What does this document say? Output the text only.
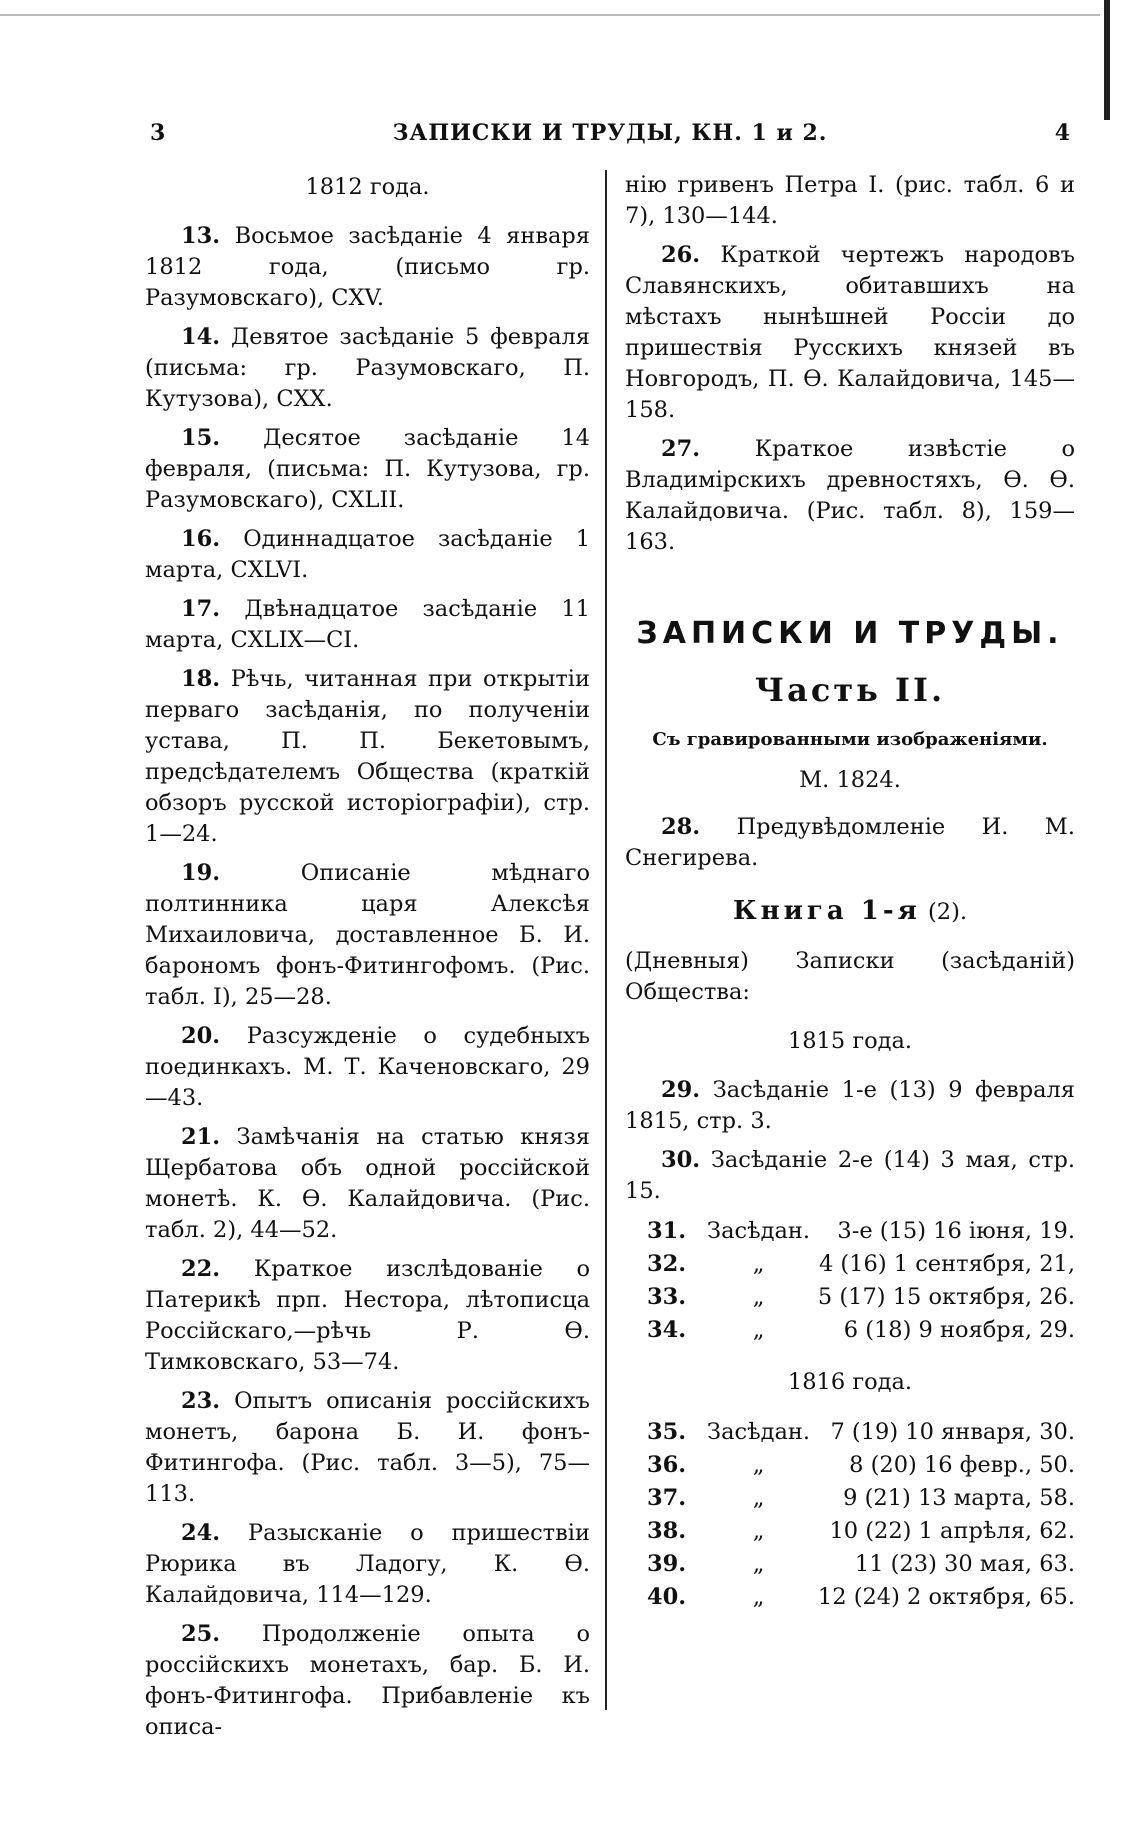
3	ЗАПИСКИ И ТРУДЫ, КН. 1 и 2.	4
1812 года.
13. Восьмое засѣданіе 4 января 1812 года, (письмо гр. Разумовскаго), CXV.
14. Девятое засѣданіе 5 февраля (письма: гр. Разумовскаго, П. Кутузова), CXX.
15. Десятое засѣданіе 14 февраля, (письма: П. Кутузова, гр. Разумовскаго), CXLII.
16. Одиннадцатое засѣданіе 1 марта, CXLVI.
17. Двѣнадцатое засѣданіе 11 марта, CXLIX—CI.
18. Рѣчь, читанная при открытіи перваго засѣданія, по полученіи устава, П. П. Бекетовымъ, предсѣдателемъ Общества (краткій обзоръ русской исторіографіи), стр. 1—24.
19.	Описаніе мѣднаго полтинника царя Алексѣя Михаиловича, доставленное Б. И. барономъ фонъ-Фитингофомъ. (Рис. табл. I), 25—28.
20. Разсужденіе о судебныхъ поединкахъ. М. Т. Каченовскаго, 29—43.
21. Замѣчанія на статью князя Щербатова объ одной россійской монетѣ. К. Ѳ. Калайдовича. (Рис. табл. 2), 44—52.
22. Краткое изслѣдованіе о Патерикѣ прп. Нестора, лѣтописца Россійскаго,—рѣчь Р. Ѳ. Тимковскаго, 53—74.
23. Опытъ описанія россійскихъ монетъ, барона Б. И. фонъ-Фитингофа. (Рис. табл. 3—5), 75—113.
24. Разысканіе о пришествіи Рюрика въ Ладогу, К. Ѳ. Калайдовича, 114—129.
25. Продолженіе опыта о россійскихъ монетахъ, бар. Б. И. фонъ-Фитингофа. Прибавленіе къ описа-
нію гривенъ Петра I. (рис. табл. 6 и 7), 130—144.
26. Краткой чертежъ народовъ Славянскихъ, обитавшихъ на мѣстахъ нынѣшней Россіи до пришествія Русскихъ князей въ Новгородъ, П. Ѳ. Калайдовича, 145—158.
27. Краткое извѣстіе о Владимірскихъ древностяхъ, Ѳ. Ѳ. Калайдовича. (Рис. табл. 8), 159—163.
ЗАПИСКИ И ТРУДЫ.
Часть II.
Съ гравированными изображеніями.
М. 1824.
28. Предувѣдомленіе И. М. Снегирева.
Книга 1-я (2).
(Дневныя) Записки (засѣданій) Общества:
1815 года.
29. Засѣданіе 1-е (13) 9 февраля 1815, стр. 3.
30. Засѣданіе 2-е (14) 3 мая, стр. 15.
31.	Засѣдан.	3-е (15) 16 іюня, 19.
32.	„	4 (16) 1 сентября, 21,
33.	„	5 (17) 15 октября, 26.
34.	„	6 (18) 9 ноября, 29.
1816 года.
35.	Засѣдан.	7 (19) 10 января, 30.
36.	„	8 (20) 16 февр., 50.
37.	„	9 (21) 13 марта, 58.
38.	„	10 (22) 1 апрѣля, 62.
39.	„	11 (23) 30 мая, 63.
40.	„	12 (24) 2 октября, 65.
